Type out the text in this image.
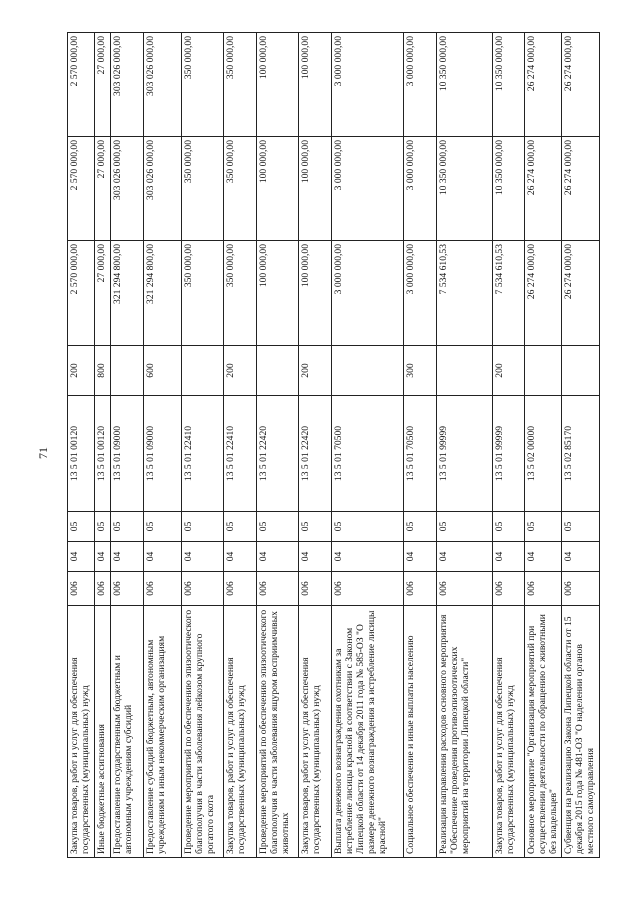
71
Закупка товаров, работ и услуг для обеспечения государственных (муниципальных) нужд	006	04	05	13 5 01 00120	200	2 570 000,00	2 570 000,00	2 570 000,00
Иные бюджетные ассигнования	006	04	05	13 5 01 00120	800	27 000,00	27 000,00	27 000,00
Предоставление государственным бюджетным и автономным учреждениям субсидий	006	04	05	13 5 01 09000		321 294 800,00	303 026 000,00	303 026 000,00
Предоставление субсидий бюджетным, автономным учреждениям и иным некоммерческим организациям	006	04	05	13 5 01 09000	600	321 294 800,00	303 026 000,00	303 026 000,00
Проведение мероприятий по обеспечению эпизоотического благополучия в части заболевания лейкозом крупного рогатого скота	006	04	05	13 5 01 22410		350 000,00	350 000,00	350 000,00
Закупка товаров, работ и услуг для обеспечения государственных (муниципальных) нужд	006	04	05	13 5 01 22410	200	350 000,00	350 000,00	350 000,00
Проведение мероприятий по обеспечению эпизоотического благополучия в части заболевания ящуром восприимчивых животных	006	04	05	13 5 01 22420		100 000,00	100 000,00	100 000,00
Закупка товаров, работ и услуг для обеспечения государственных (муниципальных) нужд	006	04	05	13 5 01 22420	200	100 000,00	100 000,00	100 000,00
Выплата денежного вознаграждения охотникам за истребление лисицы красной в соответствии с Законом Липецкой области от 14 декабря 2011 года № 585-ОЗ "О размере денежного вознаграждения за истребление лисицы красной"	006	04	05	13 5 01 70500		3 000 000,00	3 000 000,00	3 000 000,00
Социальное обеспечение и иные выплаты населению	006	04	05	13 5 01 70500	300	3 000 000,00	3 000 000,00	3 000 000,00
Реализация направления расходов основного мероприятия "Обеспечение проведения противоэпизоотических мероприятий на территории Липецкой области"	006	04	05	13 5 01 99999		7 534 610,53	10 350 000,00	10 350 000,00
Закупка товаров, работ и услуг для обеспечения государственных (муниципальных) нужд	006	04	05	13 5 01 99999	200	7 534 610,53	10 350 000,00	10 350 000,00
Основное мероприятие "Организация мероприятий при осуществлении деятельности по обращению с животными без владельцев"	006	04	05	13 5 02 00000		26 274 000,00	26 274 000,00	26 274 000,00
Субвенция на реализацию Закона Липецкой области от 15 декабря 2015 года № 481-ОЗ "О наделении органов местного самоуправления	006	04	05	13 5 02 85170		26 274 000,00	26 274 000,00	26 274 000,00
